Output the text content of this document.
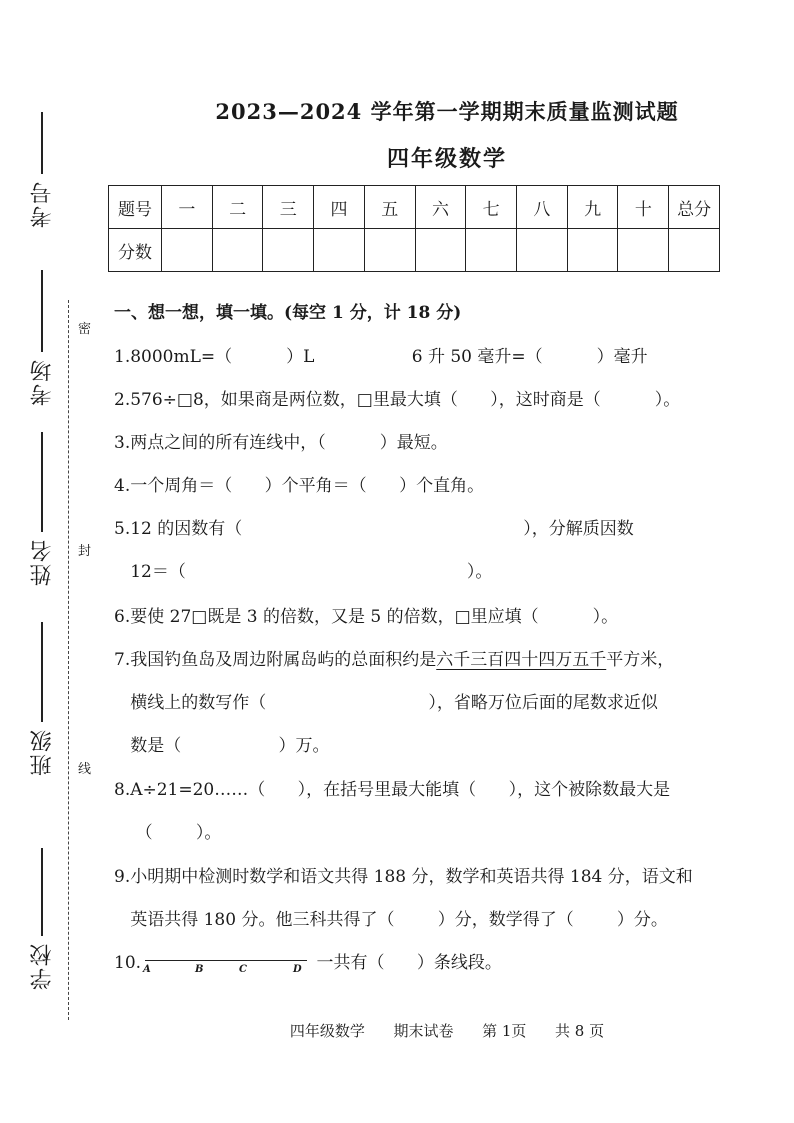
考号
考场
姓名
班级
学校
密
封
线
2023—2024 学年第一学期期末质量监测试题
四年级数学
题号	一	二	三	四	五	六	七	八	九	十	总分
分数											
一、想一想，填一填。(每空 1 分，计 18 分)
1.8000mL=（          ）L                  6 升 50 毫升=（          ）毫升
2.576÷□8，如果商是两位数，□里最大填（      ），这时商是（          ）。
3.两点之间的所有连线中，（          ）最短。
4.一个周角＝（      ）个平角＝（      ）个直角。
5.12 的因数有（                                                    ），分解质因数
12＝（                                                    ）。
6.要使 27□既是 3 的倍数，又是 5 的倍数，□里应填（          ）。
7.我国钓鱼岛及周边附属岛屿的总面积约是六千三百四十四万五千平方米，
横线上的数写作（                              ），省略万位后面的尾数求近似
数是（                  ）万。
8.A÷21=20……（      ），在括号里最大能填（      ），这个被除数最大是
（        ）。
9.小明期中检测时数学和语文共得 188 分，数学和英语共得 184 分，语文和
英语共得 180 分。他三科共得了（        ）分，数学得了（        ）分。
10. A	B	C	D 一共有（      ）条线段。
四年级数学      期末试卷      第 1页      共 8 页
